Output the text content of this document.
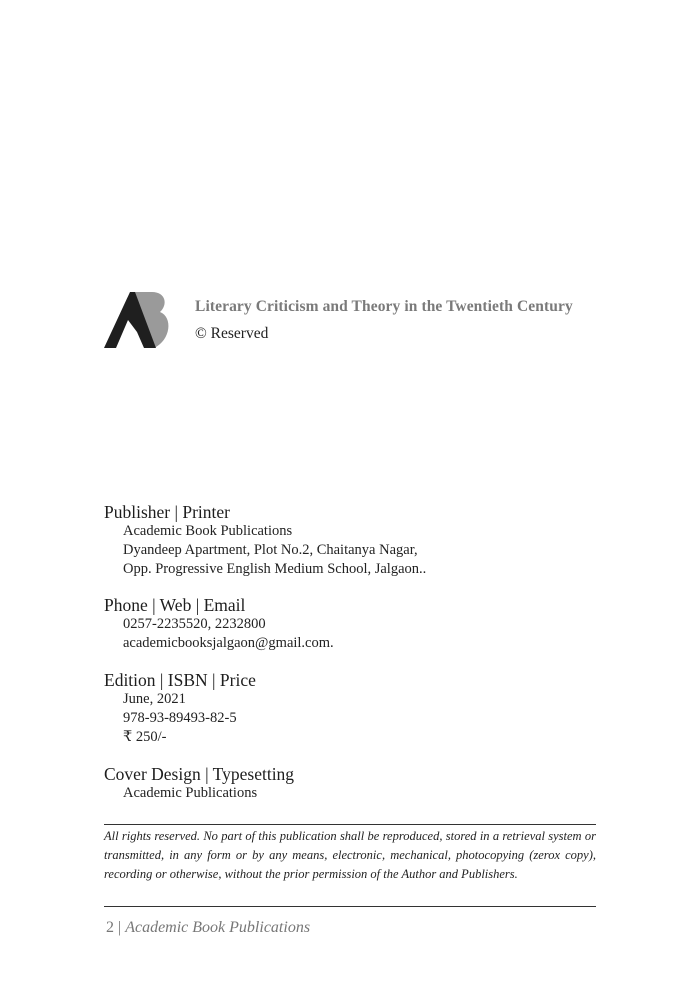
Literary Criticism and Theory in the Twentieth Century
© Reserved
Publisher | Printer
Academic Book Publications
Dyandeep Apartment, Plot No.2, Chaitanya Nagar,
Opp. Progressive English Medium School, Jalgaon..
Phone | Web | Email
0257-2235520, 2232800
academicbooksjalgaon@gmail.com.
Edition | ISBN | Price
June, 2021
978-93-89493-82-5
₹ 250/-
Cover Design | Typesetting
Academic Publications
All rights reserved. No part of this publication shall be reproduced, stored in a retrieval system or transmitted, in any form or by any means, electronic, mechanical, photocopying (zerox copy), recording or otherwise, without the prior permission of the Author and Publishers.
2 | Academic Book Publications
